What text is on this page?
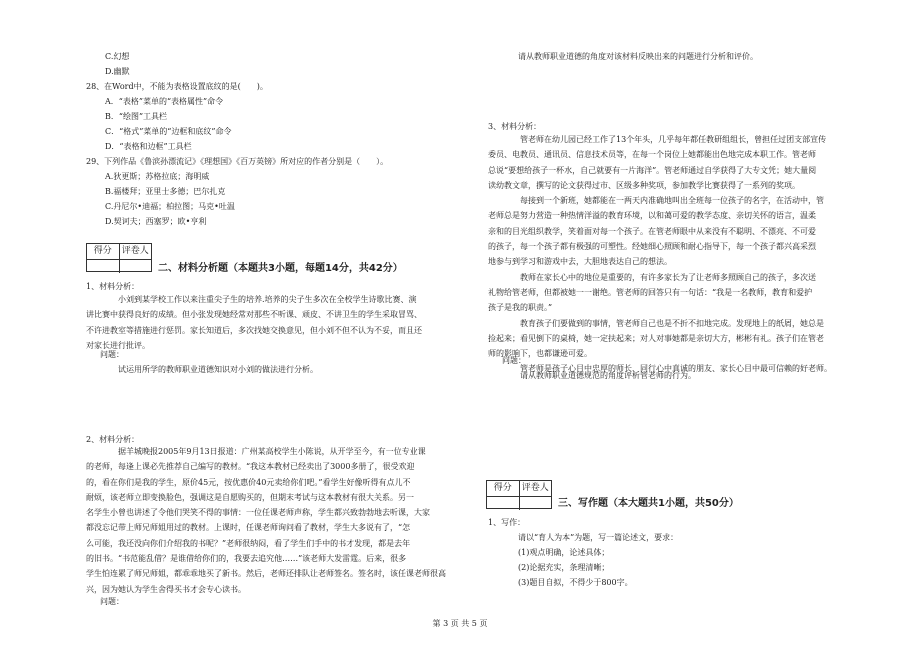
C.幻想
D.幽默
28、在Word中，不能为表格设置底纹的是(　　)。
A．“表格”菜单的“表格属性”命令
B．“绘图”工具栏
C．“格式”菜单的“边框和底纹”命令
D．“表格和边框”工具栏
29、下列作品《鲁滨孙漂流记》《理想国》《百万英镑》所对应的作者分别是（　　）。
A.狄更斯；苏格拉底；海明威
B.福楼拜；亚里士多德；巴尔扎克
C.丹尼尔•迪福；柏拉图；马克•吐温
D.契诃夫；西塞罗；欧•亨利
得分	评卷人
二、材料分析题（本题共3小题，每题14分，共42分）
1、材料分析：

小刘到某学校工作以来注重尖子生的培养.培养的尖子生多次在全校学生诗歌比赛、演

讲比赛中获得良好的成绩。但小张发现她经常对那些不听课、顽皮、不讲卫生的学生采取冒骂、

不许进教室等措施进行惩罚。家长知道后，多次找她交换意见，但小刘不但不认为不妥，而且还

对家长进行批评。

问题：
试运用所学的教师职业道德知识对小刘的做法进行分析。
2、材料分析：

据羊城晚报2005年9月13日报道：广州某高校学生小陈说，从开学至今，有一位专业课

的老师，每逢上课必先推荐自己编写的教材。“我这本教材已经卖出了3000多册了，很受欢迎

的，看在你们是我的学生，原价45元，按优惠价40元卖给你们吧。”看学生好像听得有点儿不

耐烦，该老师立即变换脸色，强调这是自愿购买的，但期末考试与这本教材有很大关系。另一

名学生小曾也讲述了令他们哭笑不得的事情：一位任课老师声称，学生都兴致勃勃地去听课，大家

都没忘记带上师兄师姐用过的教材。上课时，任课老师询问看了教材，学生大多说有了，“怎

么可能，我还没向你们介绍我的书呢？”老师很纳闷，看了学生们手中的书才发现，都是去年

的旧书。“书范能乱借？是谁借给你们的，我要去追究他……”该老师大发雷霆。后来，很多

学生怕连累了师兄师姐，都乖乖地买了新书。然后，老师还排队让老师签名。签名时，该任课老师很高

兴，因为她认为学生舍得买书才会专心读书。

问题：
请从教师职业道德的角度对该材料反映出来的问题进行分析和评价。
3、材料分析：

管老师在幼儿园已经工作了13个年头，几乎每年都任教研组组长，曾担任过团支部宣传

委员、电教员、通讯员、信息技术员等，在每一个岗位上她都能出色地完成本职工作。管老师

总说“要想给孩子一杯水，自己就要有一片海洋”。管老师通过自学获得了大专文凭；她大量阅

读幼教文章，撰写的论文获得过市、区级多种奖项，参加教学比赛获得了一系列的奖项。

每接到一个新班，她都能在一两天内准确地叫出全班每一位孩子的名字，在活动中，管

老师总是努力营造一种热情洋溢的教育环境，以和蔼可爱的教学态度、亲切关怀的语言，温柔

亲和的目光组织教学，笑着面对每一个孩子。在管老师眼中从来没有不聪明、不漂亮、不可爱

的孩子，每一个孩子都有极强的可塑性。经她细心照顾和耐心指导下，每一个孩子都兴高采烈

地参与到学习和游戏中去，大胆地表达自己的想法。

教师在家长心中的地位是重要的，有许多家长为了让老师多照顾自己的孩子，多次送

礼物给管老师，但都被她一一谢绝。管老师的回答只有一句话：“我是一名教师，教育和爱护

孩子是我的职责。”

教育孩子们要做到的事情，管老师自己也是不折不扣地完成。发现地上的纸屑，她总是

捡起来；看见倒下的桌椅，她一定扶起来；对人对事她都是亲切大方，彬彬有礼。孩子们在管老

师的影响下，也都谦逊可爱。

管老师是孩子心目中忠厚的师长、同行心中真诚的朋友、家长心目中最可信赖的好老师。

问题：
请从教师职业道德规范的角度评析管老师的行为。
得分	评卷人
三、写作题（本大题共1小题，共50分）
1、写作：
请以“育人为本”为题，写一篇论述文，要求：
(1)观点明确，论述具体；
(2)论据充实，条理清晰；
(3)题目自拟，不得少于800字。
第 3 页 共 5 页
